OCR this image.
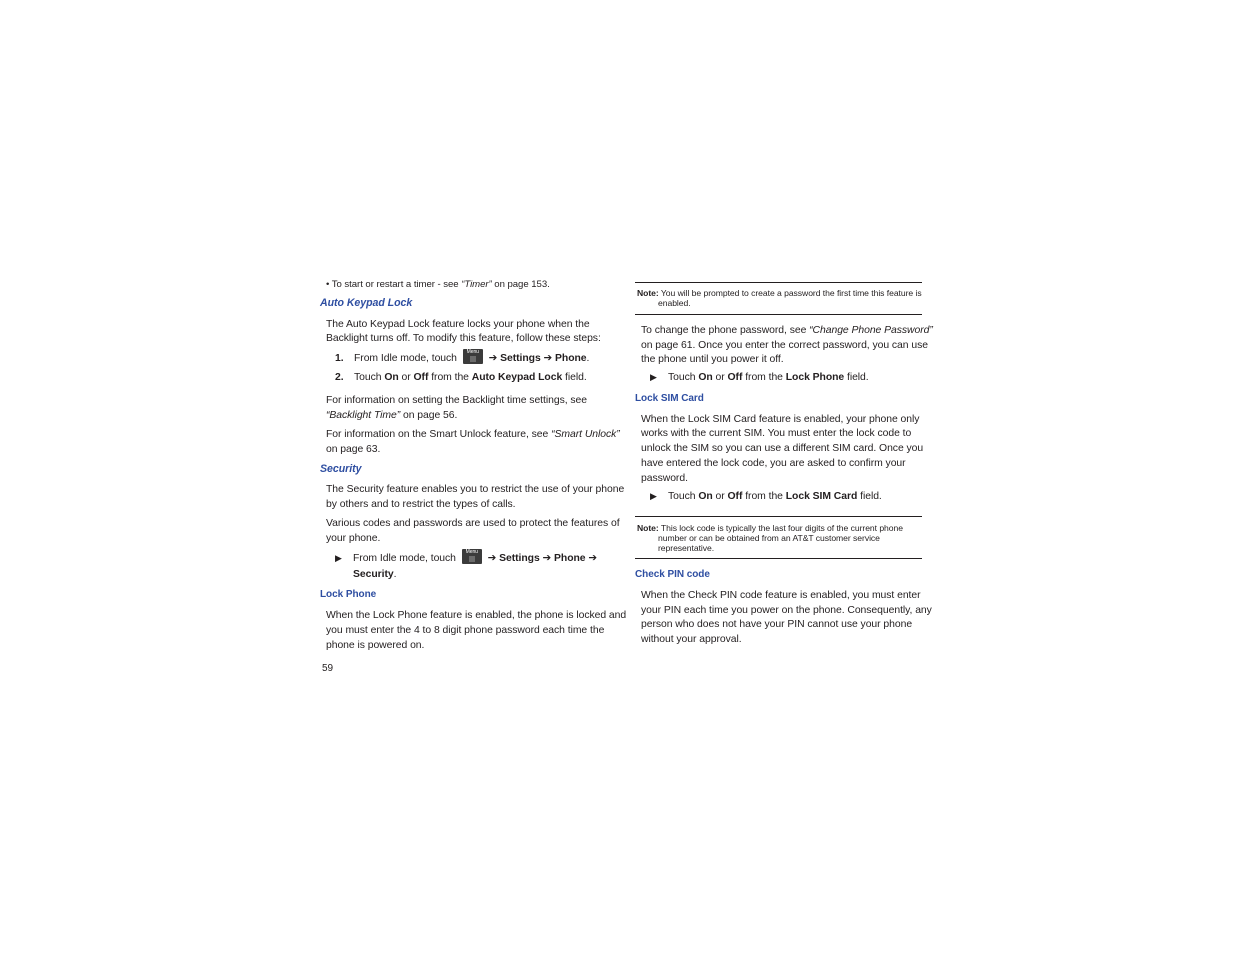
• To start or restart a timer - see “Timer” on page 153.
Auto Keypad Lock
The Auto Keypad Lock feature locks your phone when the
Backlight turns off. To modify this feature, follow these steps:
1. From Idle mode, touch
Menu
➔ Settings ➔ Phone.
2. Touch On or Off from the Auto Keypad Lock field.
For information on setting the Backlight time settings, see
“Backlight Time” on page 56.
For information on the Smart Unlock feature, see “Smart Unlock”
on page 63.
Security
The Security feature enables you to restrict the use of your phone
by others and to restrict the types of calls.
Various codes and passwords are used to protect the features of
your phone.
▶ From Idle mode, touch
Menu
➔ Settings ➔ Phone ➔
Security.
Lock Phone
When the Lock Phone feature is enabled, the phone is locked and
you must enter the 4 to 8 digit phone password each time the
phone is powered on.
59
Note: You will be prompted to create a password the first time this feature is
enabled.
To change the phone password, see “Change Phone Password”
on page 61. Once you enter the correct password, you can use
the phone until you power it off.
▶ Touch On or Off from the Lock Phone field.
Lock SIM Card
When the Lock SIM Card feature is enabled, your phone only
works with the current SIM. You must enter the lock code to
unlock the SIM so you can use a different SIM card. Once you
have entered the lock code, you are asked to confirm your
password.
▶ Touch On or Off from the Lock SIM Card field.
Note: This lock code is typically the last four digits of the current phone
number or can be obtained from an AT&T customer service
representative.
Check PIN code
When the Check PIN code feature is enabled, you must enter
your PIN each time you power on the phone. Consequently, any
person who does not have your PIN cannot use your phone
without your approval.
